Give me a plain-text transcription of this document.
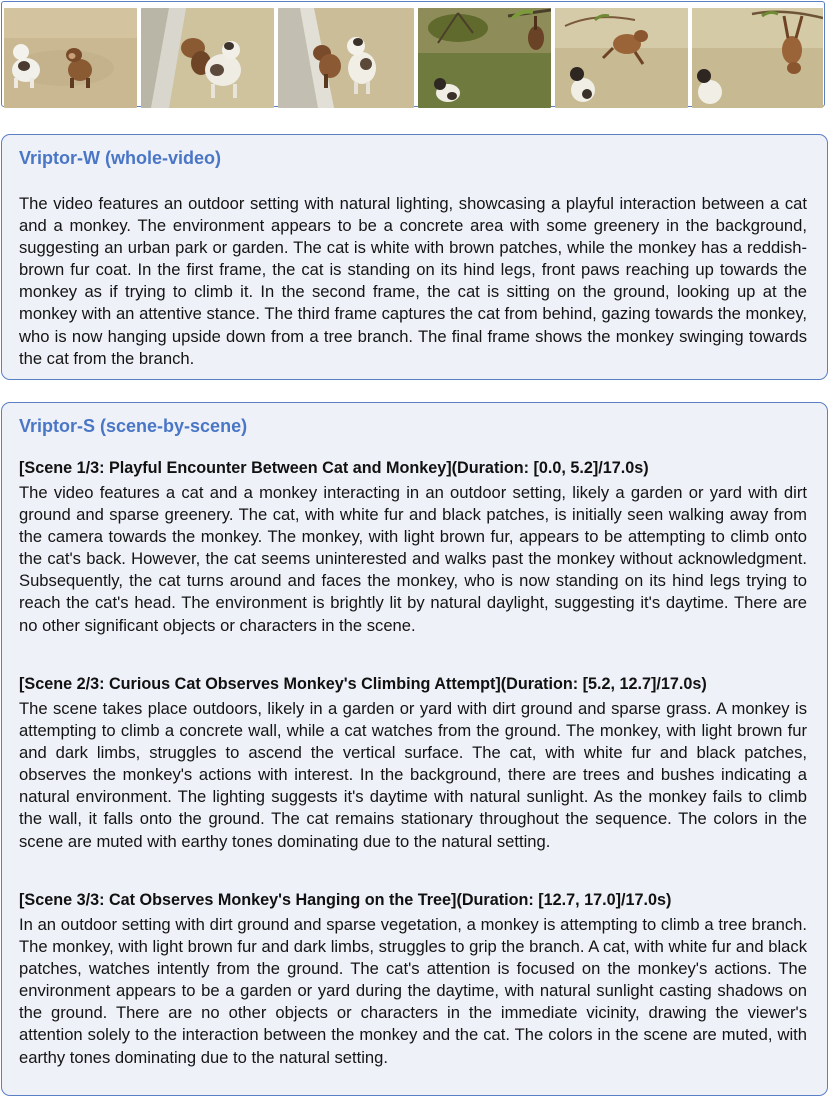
Vriptor-W (whole-video)
The video features an outdoor setting with natural lighting, showcasing a playful interaction between a cat and a monkey. The environment appears to be a concrete area with some greenery in the background, suggesting an urban park or garden. The cat is white with brown patches, while the monkey has a reddish-brown fur coat. In the first frame, the cat is standing on its hind legs, front paws reaching up towards the monkey as if trying to climb it. In the second frame, the cat is sitting on the ground, looking up at the monkey with an attentive stance. The third frame captures the cat from behind, gazing towards the monkey, who is now hanging upside down from a tree branch. The final frame shows the monkey swinging towards the cat from the branch.
Vriptor-S (scene-by-scene)
[Scene 1/3: Playful Encounter Between Cat and Monkey](Duration: [0.0, 5.2]/17.0s)
The video features a cat and a monkey interacting in an outdoor setting, likely a garden or yard with dirt ground and sparse greenery. The cat, with white fur and black patches, is initially seen walking away from the camera towards the monkey. The monkey, with light brown fur, appears to be attempting to climb onto the cat's back. However, the cat seems uninterested and walks past the monkey without acknowledgment. Subsequently, the cat turns around and faces the monkey, who is now standing on its hind legs trying to reach the cat's head. The environment is brightly lit by natural daylight, suggesting it's daytime. There are no other significant objects or characters in the scene.
[Scene 2/3: Curious Cat Observes Monkey's Climbing Attempt](Duration: [5.2, 12.7]/17.0s)
The scene takes place outdoors, likely in a garden or yard with dirt ground and sparse grass. A monkey is attempting to climb a concrete wall, while a cat watches from the ground. The monkey, with light brown fur and dark limbs, struggles to ascend the vertical surface. The cat, with white fur and black patches, observes the monkey's actions with interest. In the background, there are trees and bushes indicating a natural environment. The lighting suggests it's daytime with natural sunlight. As the monkey fails to climb the wall, it falls onto the ground. The cat remains stationary throughout the sequence. The colors in the scene are muted with earthy tones dominating due to the natural setting.
[Scene 3/3: Cat Observes Monkey's Hanging on the Tree](Duration: [12.7, 17.0]/17.0s)
In an outdoor setting with dirt ground and sparse vegetation, a monkey is attempting to climb a tree branch. The monkey, with light brown fur and dark limbs, struggles to grip the branch. A cat, with white fur and black patches, watches intently from the ground. The cat's attention is focused on the monkey's actions. The environment appears to be a garden or yard during the daytime, with natural sunlight casting shadows on the ground. There are no other objects or characters in the immediate vicinity, drawing the viewer's attention solely to the interaction between the monkey and the cat. The colors in the scene are muted, with earthy tones dominating due to the natural setting.
